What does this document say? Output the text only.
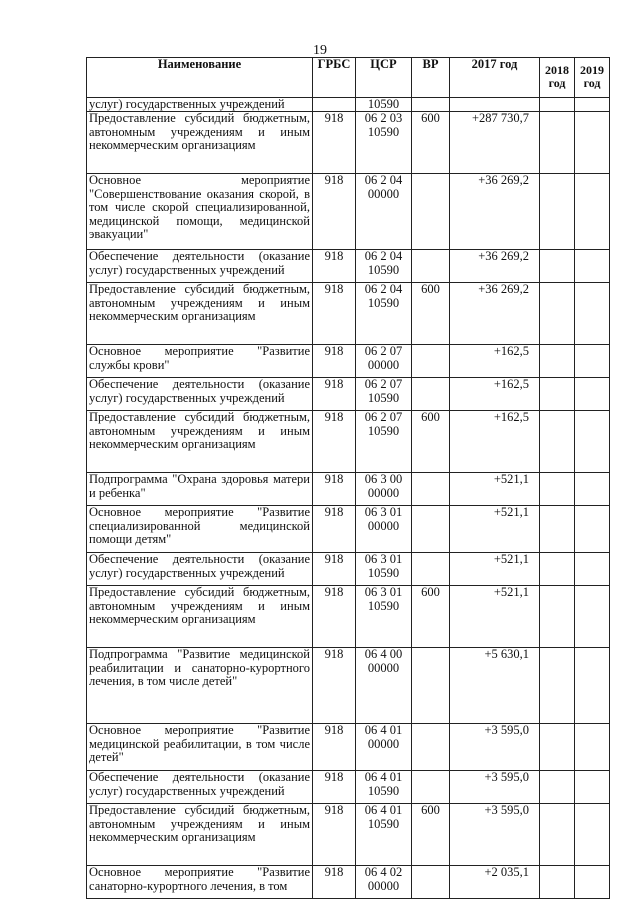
19
Наименование	ГРБС	ЦСР	ВР	2017 год	2018 год	2019 год
услуг) государственных учреждений		10590				
Предоставление субсидий бюджетным, автономным учреждениям и иным некоммерческим организациям	918	06 2 03 10590	600	+287 730,7		
Основное мероприятие "Совершенствование оказания скорой, в том числе скорой специализированной, медицинской помощи, медицинской эвакуации"	918	06 2 04 00000		+36 269,2		
Обеспечение деятельности (оказание услуг) государственных учреждений	918	06 2 04 10590		+36 269,2		
Предоставление субсидий бюджетным, автономным учреждениям и иным некоммерческим организациям	918	06 2 04 10590	600	+36 269,2		
Основное мероприятие "Развитие службы крови"	918	06 2 07 00000		+162,5		
Обеспечение деятельности (оказание услуг) государственных учреждений	918	06 2 07 10590		+162,5		
Предоставление субсидий бюджетным, автономным учреждениям и иным некоммерческим организациям	918	06 2 07 10590	600	+162,5		
Подпрограмма "Охрана здоровья матери и ребенка"	918	06 3 00 00000		+521,1		
Основное мероприятие "Развитие специализированной медицинской помощи детям"	918	06 3 01 00000		+521,1		
Обеспечение деятельности (оказание услуг) государственных учреждений	918	06 3 01 10590		+521,1		
Предоставление субсидий бюджетным, автономным учреждениям и иным некоммерческим организациям	918	06 3 01 10590	600	+521,1		
Подпрограмма "Развитие медицинской реабилитации и санаторно-курортного лечения, в том числе детей"	918	06 4 00 00000		+5 630,1		
Основное мероприятие "Развитие медицинской реабилитации, в том числе детей"	918	06 4 01 00000		+3 595,0		
Обеспечение деятельности (оказание услуг) государственных учреждений	918	06 4 01 10590		+3 595,0		
Предоставление субсидий бюджетным, автономным учреждениям и иным некоммерческим организациям	918	06 4 01 10590	600	+3 595,0		
Основное мероприятие "Развитие санаторно-курортного лечения, в том	918	06 4 02 00000		+2 035,1		
